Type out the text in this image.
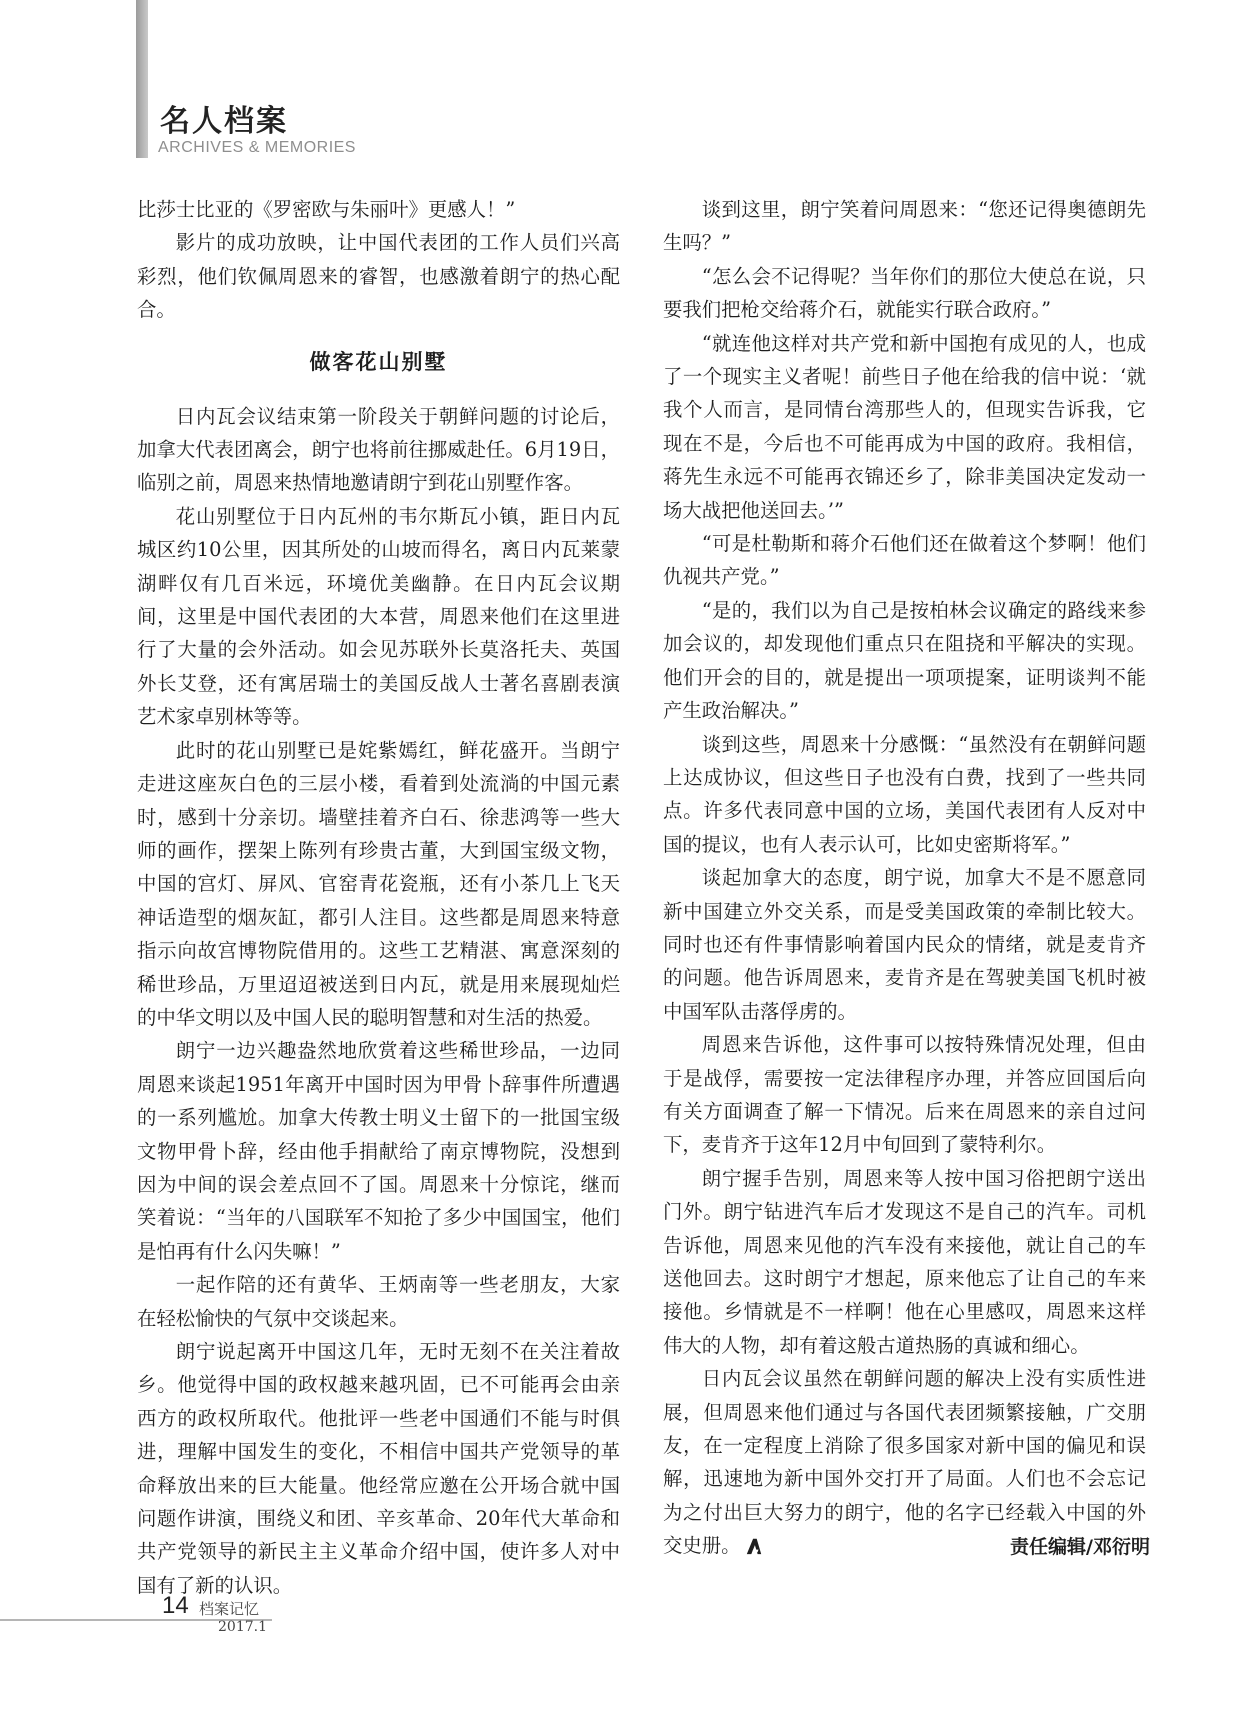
名人档案
ARCHIVES & MEMORIES

比莎士比亚的《罗密欧与朱丽叶》更感人！”

影片的成功放映，让中国代表团的工作人员们兴高彩烈，他们钦佩周恩来的睿智，也感激着朗宁的热心配合。

做客花山别墅

日内瓦会议结束第一阶段关于朝鲜问题的讨论后，加拿大代表团离会，朗宁也将前往挪威赴任。6月19日，临别之前，周恩来热情地邀请朗宁到花山别墅作客。

花山别墅位于日内瓦州的韦尔斯瓦小镇，距日内瓦城区约10公里，因其所处的山坡而得名，离日内瓦莱蒙湖畔仅有几百米远，环境优美幽静。在日内瓦会议期间，这里是中国代表团的大本营，周恩来他们在这里进行了大量的会外活动。如会见苏联外长莫洛托夫、英国外长艾登，还有寓居瑞士的美国反战人士著名喜剧表演艺术家卓别林等等。

此时的花山别墅已是姹紫嫣红，鲜花盛开。当朗宁走进这座灰白色的三层小楼，看着到处流淌的中国元素时，感到十分亲切。墙壁挂着齐白石、徐悲鸿等一些大师的画作，摆架上陈列有珍贵古董，大到国宝级文物，中国的宫灯、屏风、官窑青花瓷瓶，还有小茶几上飞天神话造型的烟灰缸，都引人注目。这些都是周恩来特意指示向故宫博物院借用的。这些工艺精湛、寓意深刻的稀世珍品，万里迢迢被送到日内瓦，就是用来展现灿烂的中华文明以及中国人民的聪明智慧和对生活的热爱。

朗宁一边兴趣盎然地欣赏着这些稀世珍品，一边同周恩来谈起1951年离开中国时因为甲骨卜辞事件所遭遇的一系列尴尬。加拿大传教士明义士留下的一批国宝级文物甲骨卜辞，经由他手捐献给了南京博物院，没想到因为中间的误会差点回不了国。周恩来十分惊诧，继而笑着说：“当年的八国联军不知抢了多少中国国宝，他们是怕再有什么闪失嘛！”

一起作陪的还有黄华、王炳南等一些老朋友，大家在轻松愉快的气氛中交谈起来。

朗宁说起离开中国这几年，无时无刻不在关注着故乡。他觉得中国的政权越来越巩固，已不可能再会由亲西方的政权所取代。他批评一些老中国通们不能与时俱进，理解中国发生的变化，不相信中国共产党领导的革命释放出来的巨大能量。他经常应邀在公开场合就中国问题作讲演，围绕义和团、辛亥革命、20年代大革命和共产党领导的新民主主义革命介绍中国，使许多人对中国有了新的认识。

谈到这里，朗宁笑着问周恩来：“您还记得奥德朗先生吗？”

“怎么会不记得呢？当年你们的那位大使总在说，只要我们把枪交给蒋介石，就能实行联合政府。”

“就连他这样对共产党和新中国抱有成见的人，也成了一个现实主义者呢！前些日子他在给我的信中说：‘就我个人而言，是同情台湾那些人的，但现实告诉我，它现在不是，今后也不可能再成为中国的政府。我相信，蒋先生永远不可能再衣锦还乡了，除非美国决定发动一场大战把他送回去。’”

“可是杜勒斯和蒋介石他们还在做着这个梦啊！他们仇视共产党。”

“是的，我们以为自己是按柏林会议确定的路线来参加会议的，却发现他们重点只在阻挠和平解决的实现。他们开会的目的，就是提出一项项提案，证明谈判不能产生政治解决。”

谈到这些，周恩来十分感慨：“虽然没有在朝鲜问题上达成协议，但这些日子也没有白费，找到了一些共同点。许多代表同意中国的立场，美国代表团有人反对中国的提议，也有人表示认可，比如史密斯将军。”

谈起加拿大的态度，朗宁说，加拿大不是不愿意同新中国建立外交关系，而是受美国政策的牵制比较大。同时也还有件事情影响着国内民众的情绪，就是麦肯齐的问题。他告诉周恩来，麦肯齐是在驾驶美国飞机时被中国军队击落俘虏的。

周恩来告诉他，这件事可以按特殊情况处理，但由于是战俘，需要按一定法律程序办理，并答应回国后向有关方面调查了解一下情况。后来在周恩来的亲自过问下，麦肯齐于这年12月中旬回到了蒙特利尔。

朗宁握手告别，周恩来等人按中国习俗把朗宁送出门外。朗宁钻进汽车后才发现这不是自己的汽车。司机告诉他，周恩来见他的汽车没有来接他，就让自己的车送他回去。这时朗宁才想起，原来他忘了让自己的车来接他。乡情就是不一样啊！他在心里感叹，周恩来这样伟大的人物，却有着这般古道热肠的真诚和细心。

日内瓦会议虽然在朝鲜问题的解决上没有实质性进展，但周恩来他们通过与各国代表团频繁接触，广交朋友，在一定程度上消除了很多国家对新中国的偏见和误解，迅速地为新中国外交打开了局面。人们也不会忘记为之付出巨大努力的朗宁，他的名字已经载入中国的外交史册。	责任编辑/邓衍明
14 档案记忆
2017.1
